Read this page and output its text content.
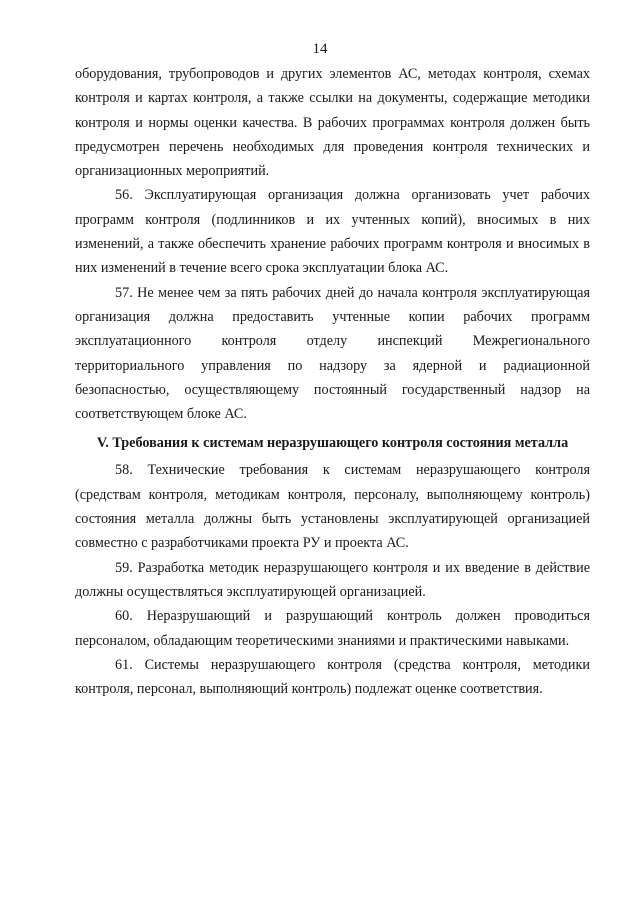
14

оборудования, трубопроводов и других элементов АС, методах контроля, схемах контроля и картах контроля, а также ссылки на документы, содержащие методики контроля и нормы оценки качества. В рабочих программах контроля должен быть предусмотрен перечень необходимых для проведения контроля технических и организационных мероприятий.

56. Эксплуатирующая организация должна организовать учет рабочих программ контроля (подлинников и их учтенных копий), вносимых в них изменений, а также обеспечить хранение рабочих программ контроля и вносимых в них изменений в течение всего срока эксплуатации блока АС.

57. Не менее чем за пять рабочих дней до начала контроля эксплуатирующая организация должна предоставить учтенные копии рабочих программ эксплуатационного контроля отделу инспекций Межрегионального территориального управления по надзору за ядерной и радиационной безопасностью, осуществляющему постоянный государственный надзор на соответствующем блоке АС.

V. Требования к системам неразрушающего контроля состояния металла

58. Технические требования к системам неразрушающего контроля (средствам контроля, методикам контроля, персоналу, выполняющему контроль) состояния металла должны быть установлены эксплуатирующей организацией совместно с разработчиками проекта РУ и проекта АС.

59. Разработка методик неразрушающего контроля и их введение в действие должны осуществляться эксплуатирующей организацией.

60. Неразрушающий и разрушающий контроль должен проводиться персоналом, обладающим теоретическими знаниями и практическими навыками.

61. Системы неразрушающего контроля (средства контроля, методики контроля, персонал, выполняющий контроль) подлежат оценке соответствия.
